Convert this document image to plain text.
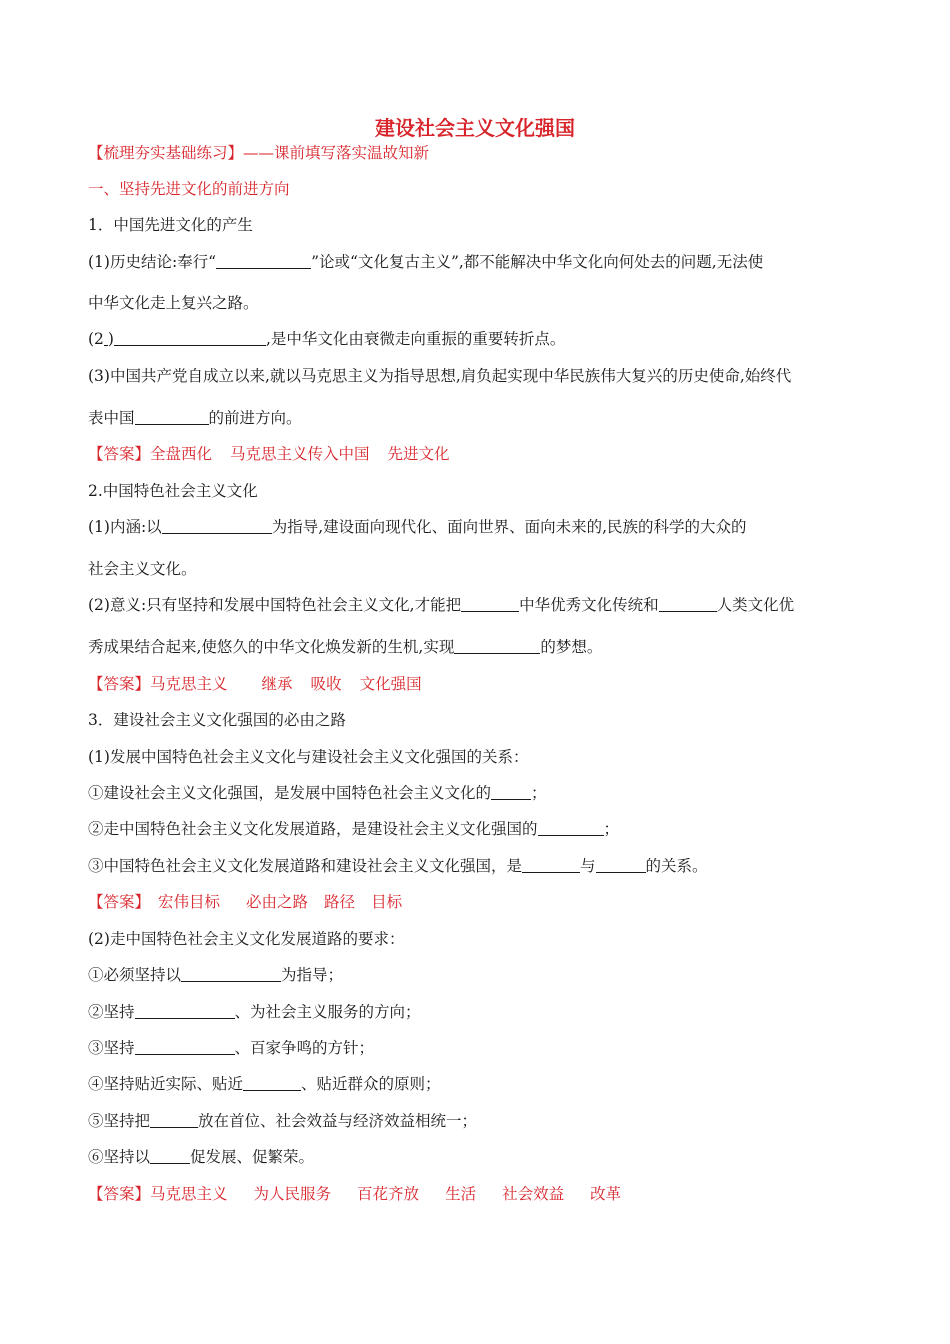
建设社会主义文化强国
【梳理夯实基础练习】——课前填写落实温故知新
一、坚持先进文化的前进方向
1．中国先进文化的产生
(1)历史结论:奉行“	”论或“文化复古主义”,都不能解决中华文化向何处去的问题,无法使
中华文化走上复兴之路。
(2 )	,是中华文化由衰微走向重振的重要转折点。
(3)中国共产党自成立以来,就以马克思主义为指导思想,肩负起实现中华民族伟大复兴的历史使命,始终代
表中国	的前进方向。
【答案】全盘西化 马克思主义传入中国 先进文化
2.中国特色社会主义文化
(1)内涵:以	为指导,建设面向现代化、面向世界、面向未来的,民族的科学的大众的
社会主义文化。
(2)意义:只有坚持和发展中国特色社会主义文化,才能把	中华优秀文化传统和	人类文化优
秀成果结合起来,使悠久的中华文化焕发新的生机,实现	的梦想。
【答案】马克思主义 继承 吸收 文化强国
3．建设社会主义文化强国的必由之路
(1)发展中国特色社会主义文化与建设社会主义文化强国的关系：
①建设社会主义文化强国，是发展中国特色社会主义文化的	；
②走中国特色社会主义文化发展道路，是建设社会主义文化强国的	；
③中国特色社会主义文化发展道路和建设社会主义文化强国，是	与	的关系。
【答案】 宏伟目标 必由之路 路径 目标
(2)走中国特色社会主义文化发展道路的要求：
①必须坚持以	为指导；
②坚持	、为社会主义服务的方向；
③坚持	、百家争鸣的方针；
④坚持贴近实际、贴近	、贴近群众的原则；
⑤坚持把	放在首位、社会效益与经济效益相统一；
⑥坚持以	促发展、促繁荣。
【答案】马克思主义 为人民服务 百花齐放 生活 社会效益 改革
